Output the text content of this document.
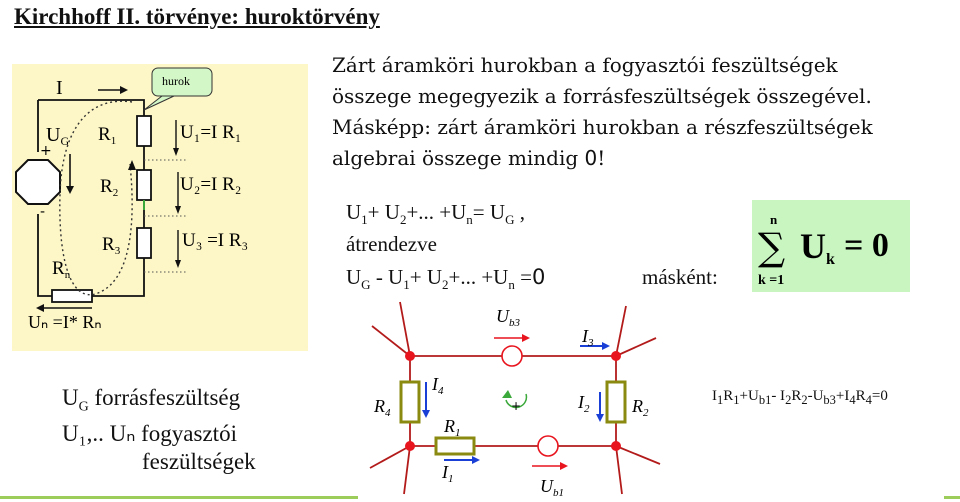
Kirchhoff II. törvénye: huroktörvény
Zárt áramköri hurokban a fogyasztói feszültségek
összege megegyezik a forrásfeszültségek összegével.
Másképp: zárt áramköri hurokban a részfeszültségek
algebrai összege mindig 0!
$U_1+ U_2+$... $+U_n= U_G$ ,
átrendezve
$U_G - U_1+ U_2+$... $+U_n =0$	másként:
n
∑
k =1
U k = 0
I	hurok
+
-
$U_G$ $R_1$
$R_2$
$R_3$
$R_n$
U₁=I R₁
U₂=I R₂
U₃ =I R₃
Uₙ =I* Rₙ
$U_G$ forrásfeszültség
U₁,.. Uₙ fogyasztói
feszültségek
+
$U_{b3}$
$U_{b1}$
$I_3$
$I_4$
$I_2$
$I_1$
$R_4$	$R_2$
$R_1$
$I_1R_1+U_{b1}-$ $I_2R_2-U_{b3}+I_4R_4=0$
